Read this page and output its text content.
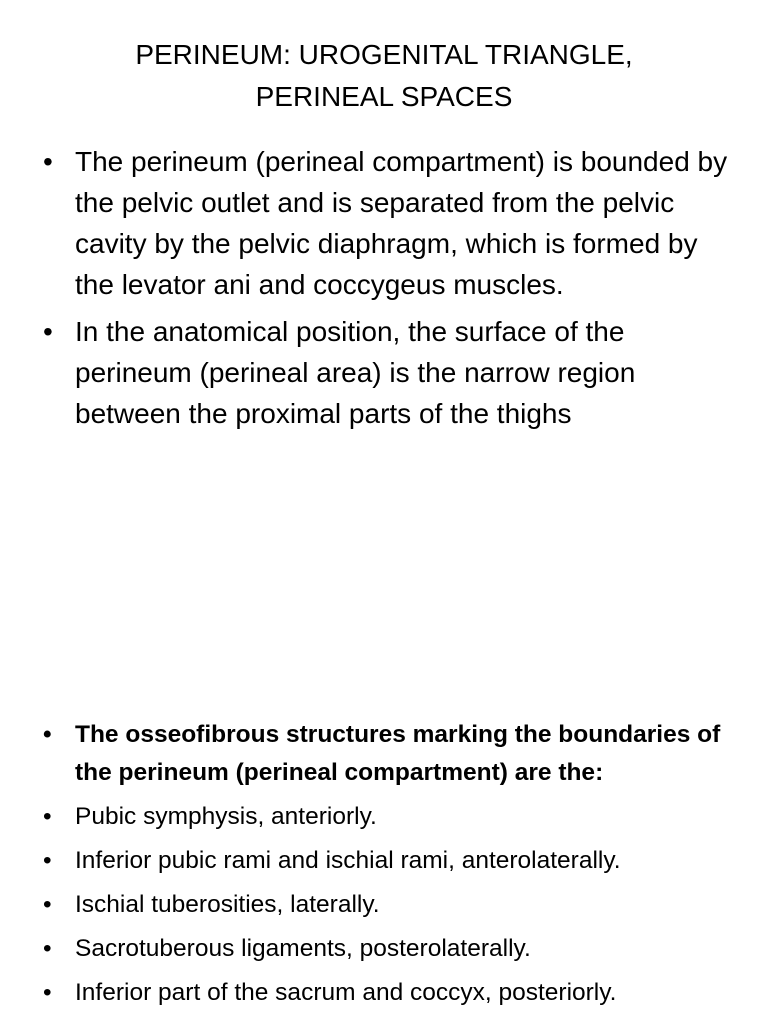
PERINEUM: UROGENITAL TRIANGLE,
PERINEAL SPACES
• The perineum (perineal compartment) is bounded by the pelvic outlet and is separated from the pelvic cavity by the pelvic diaphragm, which is formed by the levator ani and coccygeus muscles.
• In the anatomical position, the surface of the perineum (perineal area) is the narrow region between the proximal parts of the thighs
• The osseofibrous structures marking the boundaries of the perineum (perineal compartment) are the:
• Pubic symphysis, anteriorly.
• Inferior pubic rami and ischial rami, anterolaterally.
• Ischial tuberosities, laterally.
• Sacrotuberous ligaments, posterolaterally.
• Inferior part of the sacrum and coccyx, posteriorly.
